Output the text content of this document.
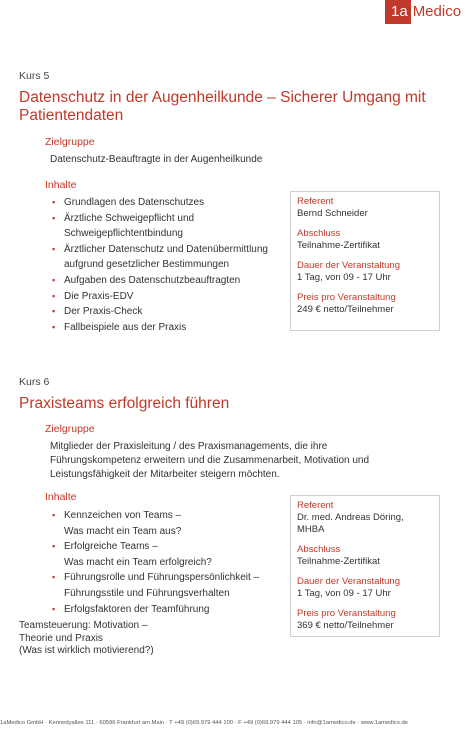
1a Medico
Kurs 5
Datenschutz in der Augenheilkunde – Sicherer Umgang mit Patientendaten
Zielgruppe
Datenschutz-Beauftragte in der Augenheilkunde
Inhalte
▪ Grundlagen des Datenschutzes
▪ Ärztliche Schweigepflicht und
Schweigepflichtentbindung
▪ Ärztlicher Datenschutz und Datenübermittlung
aufgrund gesetzlicher Bestimmungen
▪ Aufgaben des Datenschutzbeauftragten
▪ Die Praxis-EDV
▪ Der Praxis-Check
▪ Fallbeispiele aus der Praxis
Referent
Bernd Schneider
Abschluss
Teilnahme-Zertifikat
Dauer der Veranstaltung
1 Tag, von 09 - 17 Uhr
Preis pro Veranstaltung
249 € netto/Teilnehmer
Kurs 6
Praxisteams erfolgreich führen
Zielgruppe
Mitglieder der Praxisleitung / des Praxismanagements, die ihre
Führungskompetenz erweitern und die Zusammenarbeit, Motivation und
Leistungsfähigkeit der Mitarbeiter steigern möchten.
Inhalte
▪ Kennzeichen von Teams –
Was macht ein Team aus?
▪ Erfolgreiche Teams –
Was macht ein Team erfolgreich?
▪ Führungsrolle und Führungspersönlichkeit –
Führungsstile und Führungsverhalten
▪ Erfolgsfaktoren der Teamführung
Teamsteuerung: Motivation –
Theorie und Praxis
(Was ist wirklich motivierend?)
Referent
Dr. med. Andreas Döring, MHBA
Abschluss
Teilnahme-Zertifikat
Dauer der Veranstaltung
1 Tag, von 09 - 17 Uhr
Preis pro Veranstaltung
369 € netto/Teilnehmer
1aMedico GmbH · Kennedyallee 111 · 60596 Frankfurt am Main · T +49 (0)69.979 444 100 · F +49 (0)69.979 444 105 · info@1amedico.de · www.1amedico.de
